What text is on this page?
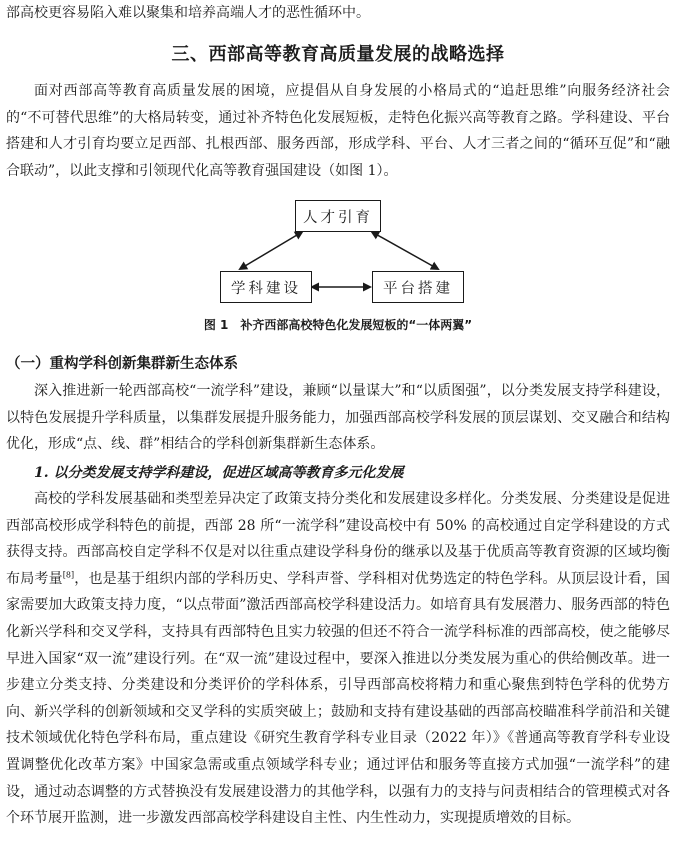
部高校更容易陷入难以聚集和培养高端人才的恶性循环中。

三、西部高等教育高质量发展的战略选择

面对西部高等教育高质量发展的困境，应提倡从自身发展的小格局式的“追赶思维”向服务经济社会的“不可替代思维”的大格局转变，通过补齐特色化发展短板，走特色化振兴高等教育之路。学科建设、平台搭建和人才引育均要立足西部、扎根西部、服务西部，形成学科、平台、人才三者之间的“循环互促”和“融合联动”，以此支撑和引领现代化高等教育强国建设（如图 1）。

人才引育
学科建设	平台搭建

图 1　补齐西部高校特色化发展短板的“一体两翼”

（一）重构学科创新集群新生态体系

深入推进新一轮西部高校“一流学科”建设，兼顾“以量谋大”和“以质图强”，以分类发展支持学科建设，以特色发展提升学科质量，以集群发展提升服务能力，加强西部高校学科发展的顶层谋划、交叉融合和结构优化，形成“点、线、群”相结合的学科创新集群新生态体系。

1. 以分类发展支持学科建设，促进区域高等教育多元化发展

高校的学科发展基础和类型差异决定了政策支持分类化和发展建设多样化。分类发展、分类建设是促进西部高校形成学科特色的前提，西部 28 所“一流学科”建设高校中有 50% 的高校通过自定学科建设的方式获得支持。西部高校自定学科不仅是对以往重点建设学科身份的继承以及基于优质高等教育资源的区域均衡布局考量[8]，也是基于组织内部的学科历史、学科声誉、学科相对优势选定的特色学科。从顶层设计看，国家需要加大政策支持力度，“以点带面”激活西部高校学科建设活力。如培育具有发展潜力、服务西部的特色化新兴学科和交叉学科，支持具有西部特色且实力较强的但还不符合一流学科标准的西部高校，使之能够尽早进入国家“双一流”建设行列。在“双一流”建设过程中，要深入推进以分类发展为重心的供给侧改革。进一步建立分类支持、分类建设和分类评价的学科体系，引导西部高校将精力和重心聚焦到特色学科的优势方向、新兴学科的创新领域和交叉学科的实质突破上；鼓励和支持有建设基础的西部高校瞄准科学前沿和关键技术领域优化特色学科布局，重点建设《研究生教育学科专业目录（2022 年）》《普通高等教育学科专业设置调整优化改革方案》中国家急需或重点领域学科专业；通过评估和服务等直接方式加强“一流学科”的建设，通过动态调整的方式替换没有发展建设潜力的其他学科，以强有力的支持与问责相结合的管理模式对各个环节展开监测，进一步激发西部高校学科建设自主性、内生性动力，实现提质增效的目标。
